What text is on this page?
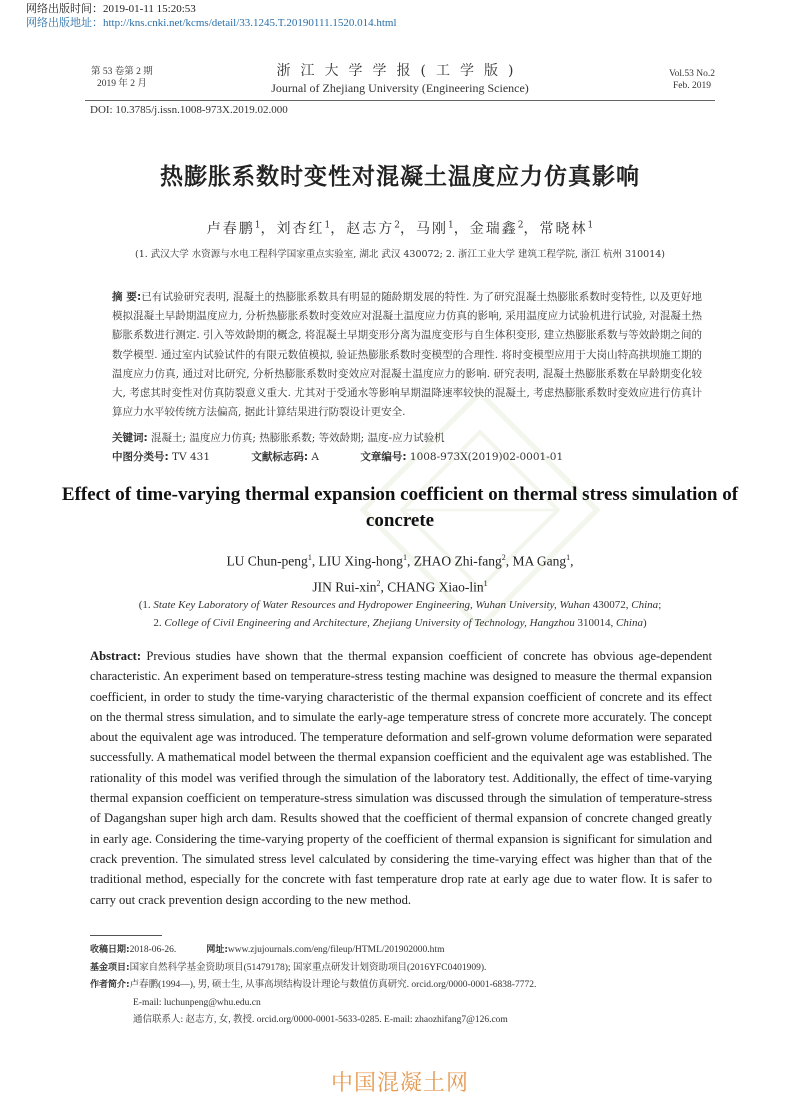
网络出版时间：2019-01-11 15:20:53
网络出版地址：http://kns.cnki.net/kcms/detail/33.1245.T.20190111.1520.014.html
第 53 卷第 2 期
2019 年 2 月
浙江大学学报(工学版)
Journal of Zhejiang University (Engineering Science)
Vol.53 No.2
Feb. 2019
DOI: 10.3785/j.issn.1008-973X.2019.02.000
热膨胀系数时变性对混凝土温度应力仿真影响
卢春鹏$^1$，刘杏红$^1$，赵志方$^2$，马刚$^1$，金瑞鑫$^2$，常晓林$^1$
(1. 武汉大学 水资源与水电工程科学国家重点实验室, 湖北 武汉 430072; 2. 浙江工业大学 建筑工程学院, 浙江 杭州 310014)
摘 要:已有试验研究表明, 混凝土的热膨胀系数具有明显的随龄期发展的特性. 为了研究混凝土热膨胀系数时变特性, 以及更好地模拟混凝土早龄期温度应力, 分析热膨胀系数时变效应对混凝土温度应力仿真的影响, 采用温度应力试验机进行试验, 对混凝土热膨胀系数进行测定. 引入等效龄期的概念, 将混凝土早期变形分离为温度变形与自生体积变形, 建立热膨胀系数与等效龄期之间的数学模型. 通过室内试验试件的有限元数值模拟, 验证热膨胀系数时变模型的合理性. 将时变模型应用于大岗山特高拱坝施工期的温度应力仿真, 通过对比研究, 分析热膨胀系数时变效应对混凝土温度应力的影响. 研究表明, 混凝土热膨胀系数在早龄期变化较大, 考虑其时变性对仿真防裂意义重大. 尤其对于受通水等影响早期温降速率较快的混凝土, 考虑热膨胀系数时变效应进行仿真计算应力水平较传统方法偏高, 据此计算结果进行防裂设计更安全.
关键词: 混凝土; 温度应力仿真; 热膨胀系数; 等效龄期; 温度-应力试验机
中图分类号: TV 431	文献标志码: A	文章编号: 1008-973X(2019)02-0001-01
Effect of time-varying thermal expansion coefficient on thermal stress simulation of concrete
LU Chun-peng$^1$, LIU Xing-hong$^1$, ZHAO Zhi-fang$^2$, MA Gang$^1$,
JIN Rui-xin$^2$, CHANG Xiao-lin$^1$
(1. State Key Laboratory of Water Resources and Hydropower Engineering, Wuhan University, Wuhan 430072, China;
2. College of Civil Engineering and Architecture, Zhejiang University of Technology, Hangzhou 310014, China)
Abstract: Previous studies have shown that the thermal expansion coefficient of concrete has obvious age-dependent characteristic. An experiment based on temperature-stress testing machine was designed to measure the thermal expansion coefficient, in order to study the time-varying characteristic of the thermal expansion coefficient of concrete and its effect on the thermal stress simulation, and to simulate the early-age temperature stress of concrete more accurately. The concept about the equivalent age was introduced. The temperature deformation and self-grown volume deformation were separated successfully. A mathematical model between the thermal expansion coefficient and the equivalent age was established. The rationality of this model was verified through the simulation of the laboratory test. Additionally, the effect of time-varying thermal expansion coefficient on temperature-stress simulation was discussed through the simulation of temperature-stress of Dagangshan super high arch dam. Results showed that the coefficient of thermal expansion of concrete changed greatly in early age. Considering the time-varying property of the coefficient of thermal expansion is significant for simulation and crack prevention. The simulated stress level calculated by considering the time-varying effect was higher than that of the traditional method, especially for the concrete with fast temperature drop rate at early age due to water flow. It is safer to carry out crack prevention design according to the new method.
收稿日期:2018-06-26.	网址:www.zjujournals.com/eng/fileup/HTML/201902000.htm
基金项目:国家自然科学基金资助项目(51479178); 国家重点研发计划资助项目(2016YFC0401909).
作者简介:卢春鹏(1994—), 男, 硕士生, 从事高坝结构设计理论与数值仿真研究. orcid.org/0000-0001-6838-7772.
E-mail: luchunpeng@whu.edu.cn
通信联系人: 赵志方, 女, 教授. orcid.org/0000-0001-5633-0285. E-mail: zhaozhifang7@126.com
中国混凝土网
